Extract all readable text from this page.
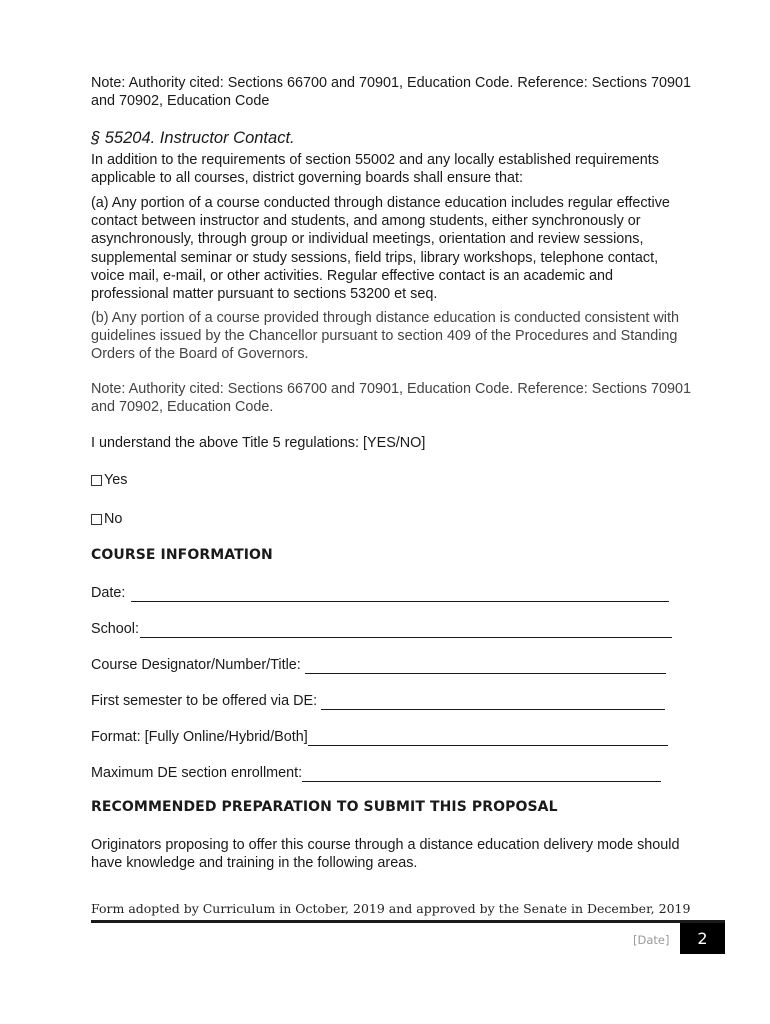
Note: Authority cited: Sections 66700 and 70901, Education Code. Reference: Sections 70901 and 70902, Education Code

§ 55204. Instructor Contact.

In addition to the requirements of section 55002 and any locally established requirements applicable to all courses, district governing boards shall ensure that:

(a) Any portion of a course conducted through distance education includes regular effective contact between instructor and students, and among students, either synchronously or asynchronously, through group or individual meetings, orientation and review sessions, supplemental seminar or study sessions, field trips, library workshops, telephone contact, voice mail, e-mail, or other activities. Regular effective contact is an academic and professional matter pursuant to sections 53200 et seq.

(b) Any portion of a course provided through distance education is conducted consistent with guidelines issued by the Chancellor pursuant to section 409 of the Procedures and Standing Orders of the Board of Governors.

Note: Authority cited: Sections 66700 and 70901, Education Code. Reference: Sections 70901 and 70902, Education Code.

I understand the above Title 5 regulations: [YES/NO]

Yes
No

COURSE INFORMATION

Date:
School:
Course Designator/Number/Title:
First semester to be offered via DE:
Format: [Fully Online/Hybrid/Both]
Maximum DE section enrollment:

RECOMMENDED PREPARATION TO SUBMIT THIS PROPOSAL

Originators proposing to offer this course through a distance education delivery mode should have knowledge and training in the following areas.

Form adopted by Curriculum in October, 2019 and approved by the Senate in December, 2019
[Date] 2
